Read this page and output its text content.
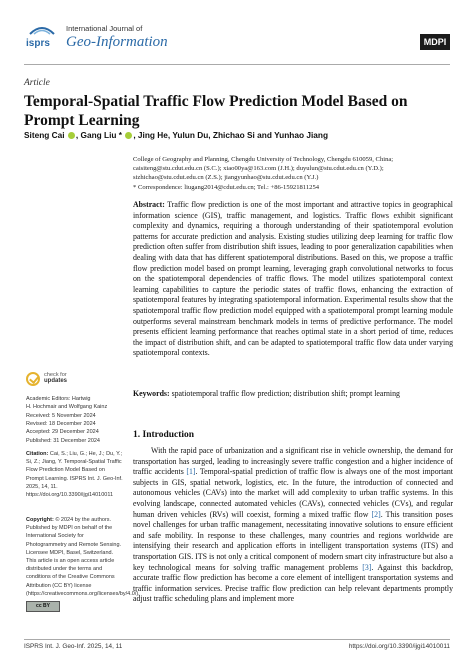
isprs
International Journal of
Geo-Information	MDPI
Article
Temporal-Spatial Traffic Flow Prediction Model Based on Prompt Learning
Siteng Cai , Gang Liu * , Jing He, Yulun Du, Zhichao Si and Yunhao Jiang
College of Geography and Planning, Chengdu University of Technology, Chengdu 610059, China;
caisiteng@stu.cdut.edu.cn (S.C.); xiao00ya@163.com (J.H.); duyulun@stu.cdut.edu.cn (Y.D.);
sizhichao@stu.cdut.edu.cn (Z.S.); jiangyunhao@stu.cdut.edu.cn (Y.J.)
* Correspondence: liugang2014@cdut.edu.cn; Tel.: +86-15921811254
Abstract: Traffic flow prediction is one of the most important and attractive topics in geographical information science (GIS), traffic management, and logistics. Traffic flows exhibit significant complexity and dynamics, requiring a thorough understanding of their spatiotemporal evolution patterns for accurate prediction and analysis. Existing studies utilizing deep learning for traffic flow prediction often suffer from distribution shift issues, leading to poor generalization capabilities when dealing with data that has different spatiotemporal distributions. Based on this, we propose a traffic flow prediction model based on prompt learning, leveraging graph convolutional networks to focus on the spatiotemporal dependencies of traffic flows. The model utilizes spatiotemporal context learning capabilities to capture the periodic states of traffic flows, enhancing the extraction of spatiotemporal features by integrating spatiotemporal information. Experimental results show that the spatiotemporal traffic flow prediction model equipped with a spatiotemporal prompt learning module outperforms several mainstream benchmark models in terms of predictive performance. The model presents efficient learning performance that reaches optimal state in a short period of time, reduces the impact of distribution shift, and can be adapted to spatiotemporal traffic flow data under varying spatiotemporal contexts.
Keywords: spatiotemporal traffic flow prediction; distribution shift; prompt learning
1. Introduction

With the rapid pace of urbanization and a significant rise in vehicle ownership, the demand for transportation has surged, leading to increasingly severe traffic congestion and a higher incidence of traffic accidents [1]. Temporal-spatial prediction of traffic flow is always one of the most important subjects in GIS, spatial network, logistics, etc. In the future, the introduction of connected and autonomous vehicles (CAVs) into the market will add complexity to urban traffic systems. In this evolving landscape, connected automated vehicles (CAVs), connected vehicles (CVs), and regular human driven vehicles (RVs) will coexist, forming a mixed traffic flow [2]. This transition poses novel challenges for urban traffic management, necessitating innovative solutions to ensure efficient and safe mobility. In response to these challenges, many countries and regions worldwide are intensifying their research and application efforts in intelligent transportation systems (ITS) and transportation GIS. ITS is not only a critical component of modern smart city infrastructure but also a key technological means for solving traffic management problems [3]. Against this backdrop, accurate traffic flow prediction has become a core element of intelligent transportation systems and traffic information services. Precise traffic flow prediction can help relevant departments promptly adjust traffic scheduling plans and implement more

check for
updates
Academic Editors: Hartwig
H. Hochmair and Wolfgang Kainz
Received: 5 November 2024
Revised: 18 December 2024
Accepted: 29 December 2024
Published: 31 December 2024
Citation: Cai, S.; Liu, G.; He, J.; Du, Y.; Si, Z.; Jiang, Y. Temporal-Spatial Traffic Flow Prediction Model Based on Prompt Learning. ISPRS Int. J. Geo-Inf. 2025, 14, 11. https://doi.org/10.3390/ijgi14010011
Copyright: © 2024 by the authors. Published by MDPI on behalf of the International Society for Photogrammetry and Remote Sensing. Licensee MDPI, Basel, Switzerland. This article is an open access article distributed under the terms and conditions of the Creative Commons Attribution (CC BY) license (https://creativecommons.org/licenses/by/4.0/).
cc BY
ISPRS Int. J. Geo-Inf. 2025, 14, 11	https://doi.org/10.3390/ijgi14010011
